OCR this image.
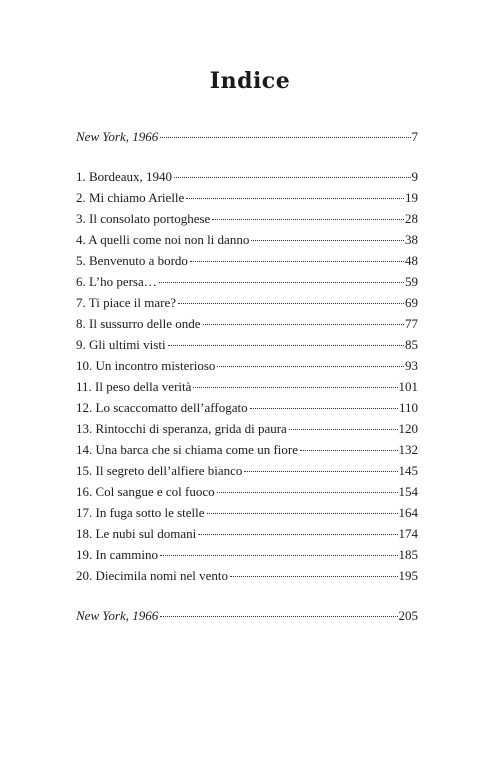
Indice
New York, 1966	7
1. Bordeaux, 1940	9
2. Mi chiamo Arielle	19
3. Il consolato portoghese	28
4. A quelli come noi non li danno	38
5. Benvenuto a bordo	48
6. L’ho persa…	59
7. Ti piace il mare?	69
8. Il sussurro delle onde	77
9. Gli ultimi visti	85
10. Un incontro misterioso	93
11. Il peso della verità	101
12. Lo scaccomatto dell’affogato	110
13. Rintocchi di speranza, grida di paura	120
14. Una barca che si chiama come un fiore	132
15. Il segreto dell’alfiere bianco	145
16. Col sangue e col fuoco	154
17. In fuga sotto le stelle	164
18. Le nubi sul domani	174
19. In cammino	185
20. Diecimila nomi nel vento	195
New York, 1966	205
